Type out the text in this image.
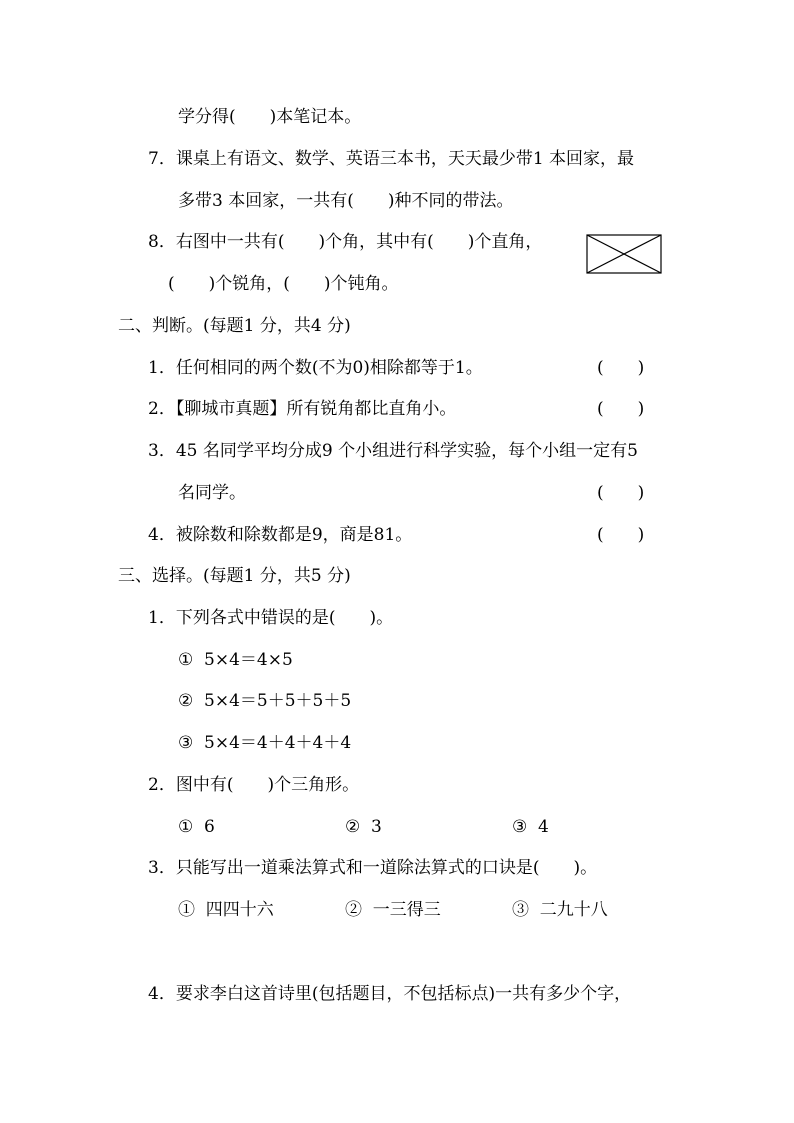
学分得(　　)本笔记本。
7．课桌上有语文、数学、英语三本书，天天最少带1 本回家，最
多带3 本回家，一共有(　　)种不同的带法。
8．右图中一共有(　　)个角，其中有(　　)个直角，
(　　)个锐角，(　　)个钝角。
二、判断。(每题1 分，共4 分)
1．任何相同的两个数(不为0)相除都等于1。	(　　)
2．【聊城市真题】所有锐角都比直角小。	(　　)
3．45 名同学平均分成9 个小组进行科学实验，每个小组一定有5
名同学。	(　　)
4．被除数和除数都是9，商是81。	(　　)
三、选择。(每题1 分，共5 分)
1．下列各式中错误的是(　　)。
①  5×4＝4×5
②  5×4＝5＋5＋5＋5
③  5×4＝4＋4＋4＋4
2．图中有(　　)个三角形。
①  6	②  3	③  4
3．只能写出一道乘法算式和一道除法算式的口诀是(　　)。
①  四四十六	②  一三得三	③  二九十八
4．要求李白这首诗里(包括题目，不包括标点)一共有多少个字，
